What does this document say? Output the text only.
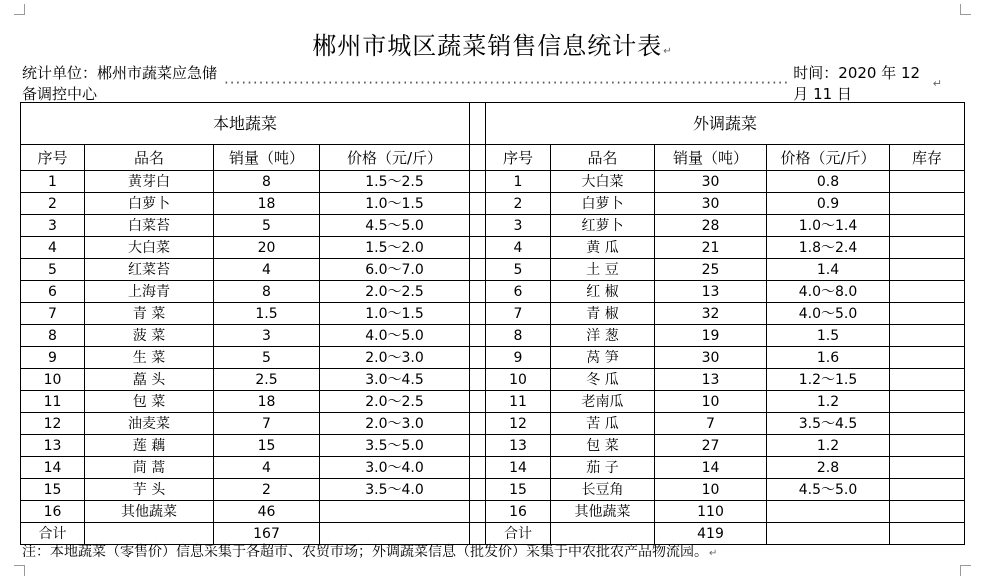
郴州市城区蔬菜销售信息统计表↵
统计单位：郴州市蔬菜应急储备调控中心
··································································································
时间：2020 年 12 月 11 日
↵
本地蔬菜					外调蔬菜				
序号	品名	销量（吨）	价格（元/斤）		序号	品名	销量（吨）	价格（元/斤）	库存
1	黄芽白	8	1.5～2.5		1	大白菜	30	0.8	
2	白萝卜	18	1.0～1.5		2	白萝卜	30	0.9	
3	白菜苔	5	4.5～5.0		3	红萝卜	28	1.0～1.4	
4	大白菜	20	1.5～2.0		4	黄 瓜	21	1.8～2.4	
5	红菜苔	4	6.0～7.0		5	土 豆	25	1.4	
6	上海青	8	2.0～2.5		6	红 椒	13	4.0～8.0	
7	青 菜	1.5	1.0～1.5		7	青 椒	32	4.0～5.0	
8	菠 菜	3	4.0～5.0		8	洋 葱	19	1.5	
9	生 菜	5	2.0～3.0		9	莴 笋	30	1.6	
10	藠 头	2.5	3.0～4.5		10	冬 瓜	13	1.2～1.5	
11	包 菜	18	2.0～2.5		11	老南瓜	10	1.2	
12	油麦菜	7	2.0～3.0		12	苦 瓜	7	3.5～4.5	
13	莲 藕	15	3.5～5.0		13	包 菜	27	1.2	
14	茼 蒿	4	3.0～4.0		14	茄 子	14	2.8	
15	芋 头	2	3.5～4.0		15	长豆角	10	4.5～5.0	
16	其他蔬菜	46			16	其他蔬菜	110		
合计		167			合计		419		
注：本地蔬菜（零售价）信息采集于各超市、农贸市场；外调蔬菜信息（批发价）采集于中农批农产品物流园。↵
